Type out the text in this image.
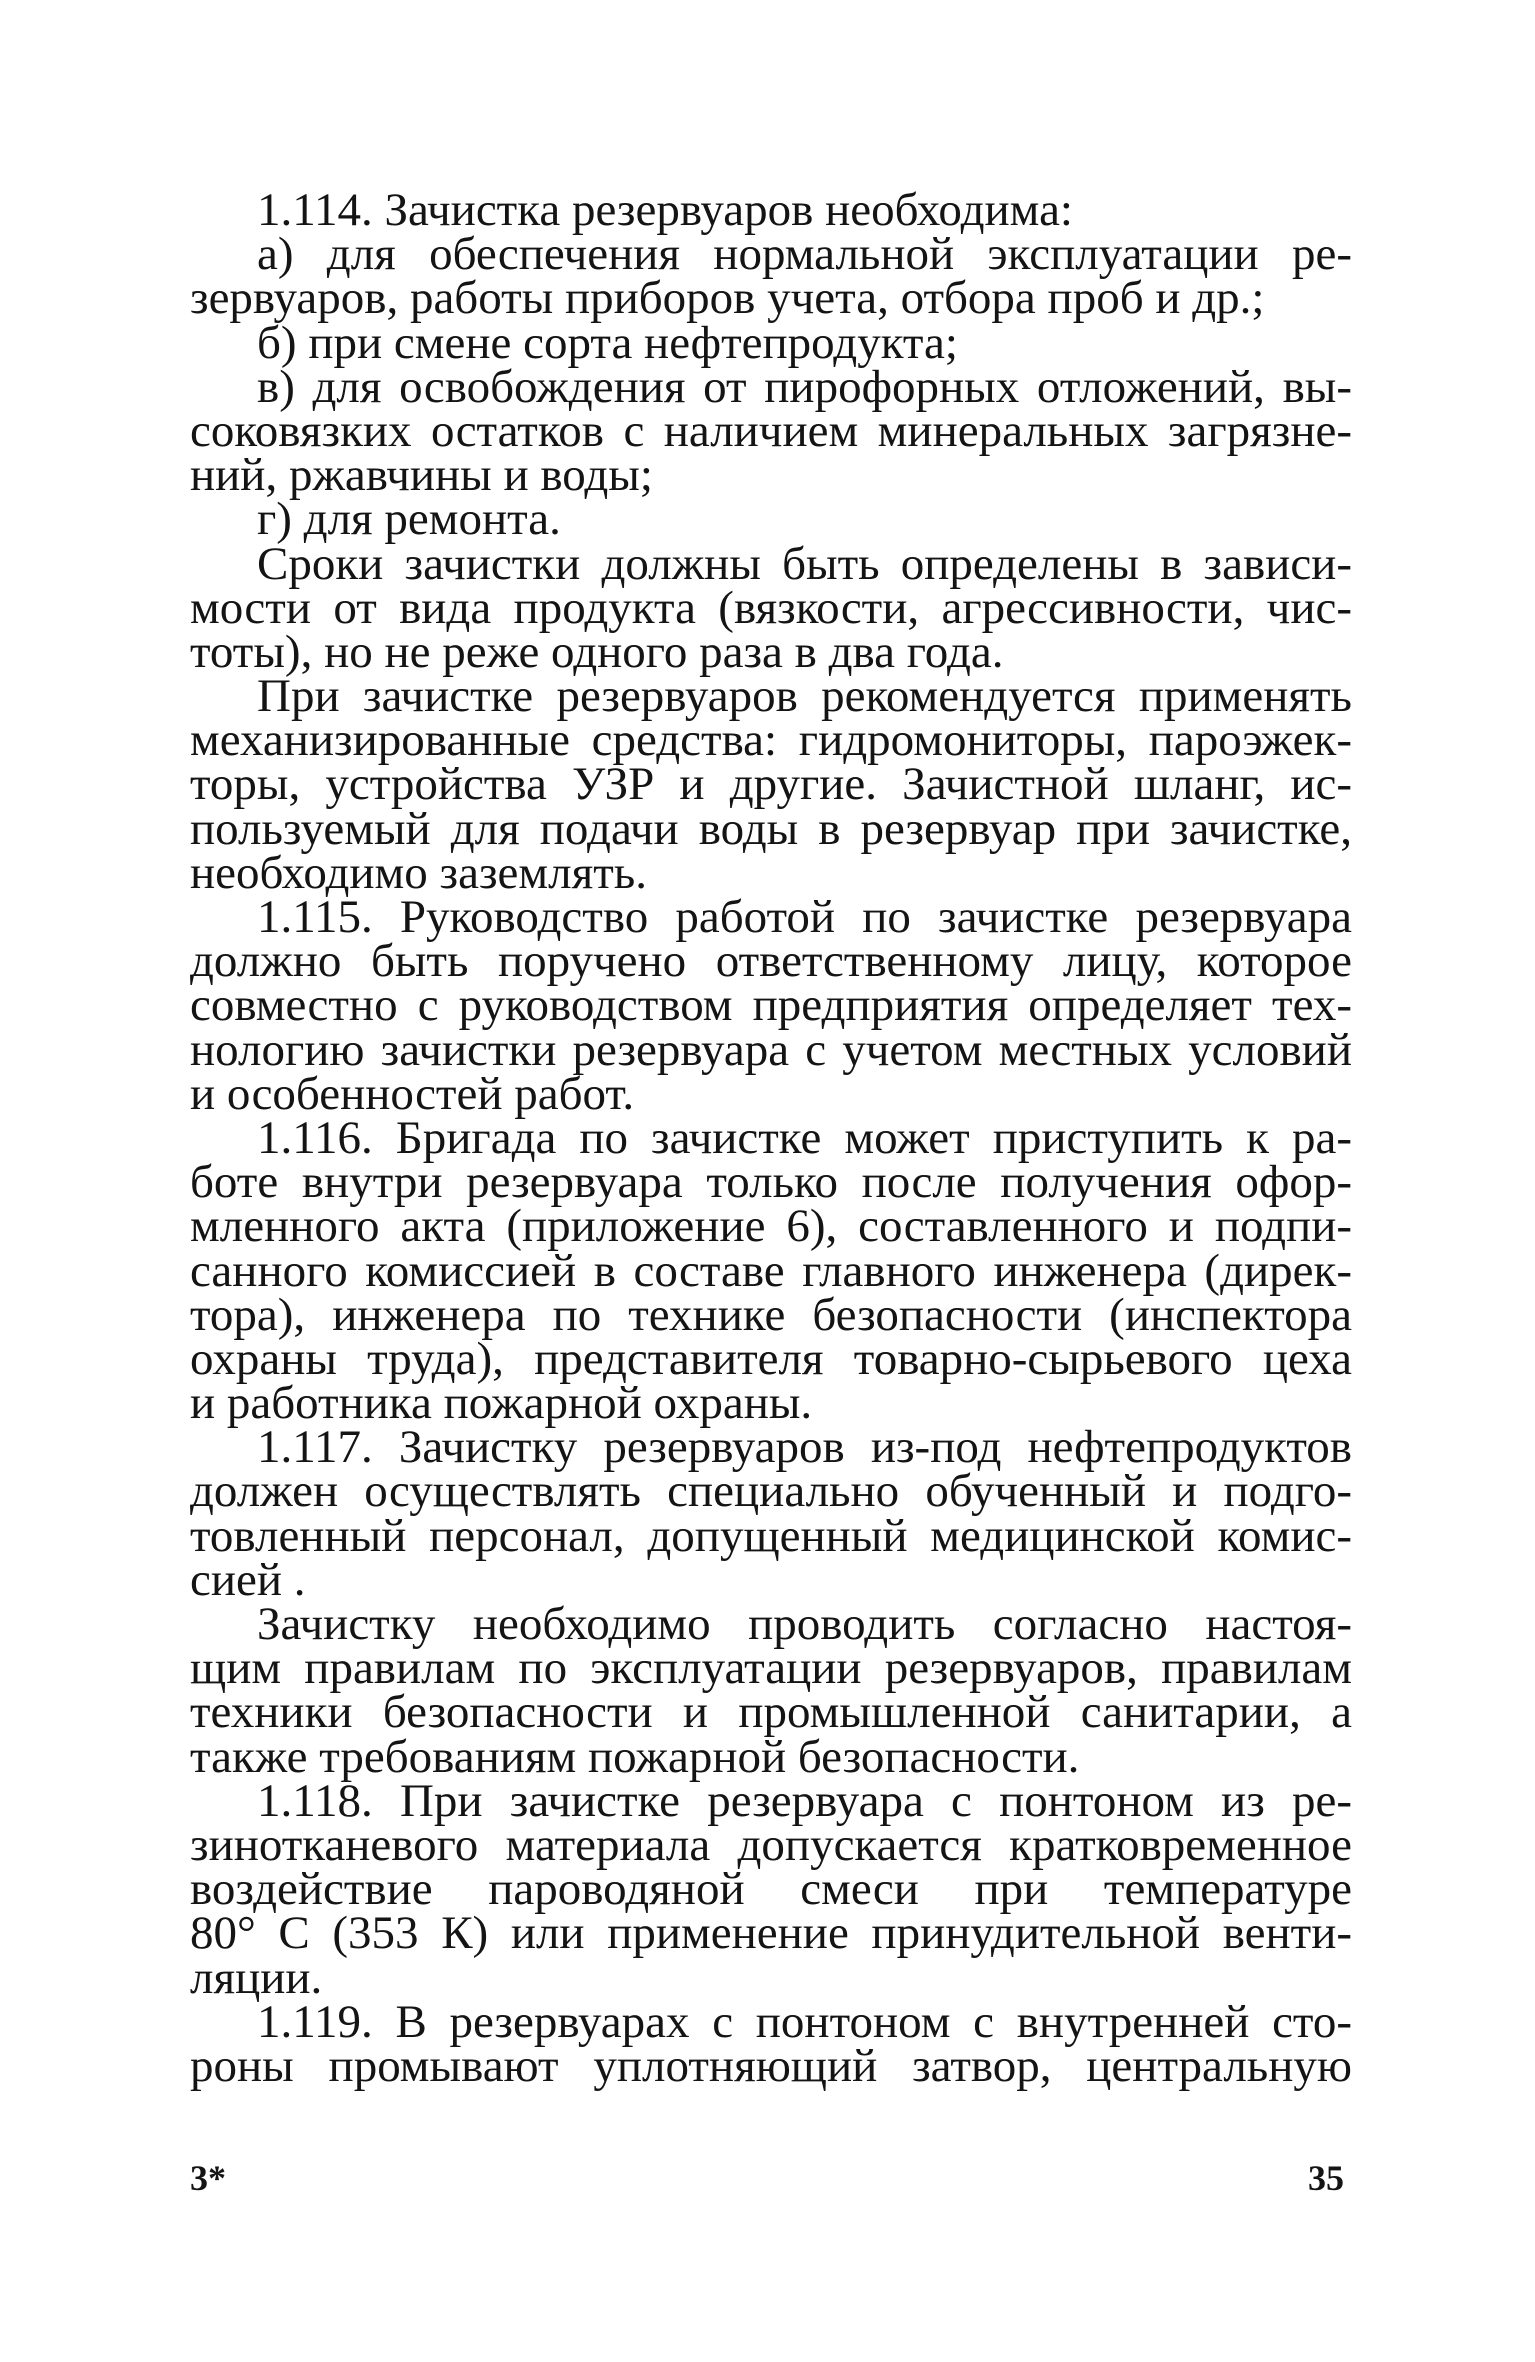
1.114. Зачистка резервуаров необходима:
а) для обеспечения нормальной эксплуатации ре-
зервуаров, работы приборов учета, отбора проб и др.;
б) при смене сорта нефтепродукта;
в) для освобождения от пирофорных отложений, вы-
соковязких остатков с наличием минеральных загрязне-
ний, ржавчины и воды;
г) для ремонта.
Сроки зачистки должны быть определены в зависи-
мости от вида продукта (вязкости, агрессивности, чис-
тоты), но не реже одного раза в два года.
При зачистке резервуаров рекомендуется применять
механизированные средства: гидромониторы, пароэжек-
торы, устройства УЗР и другие. Зачистной шланг, ис-
пользуемый для подачи воды в резервуар при зачистке,
необходимо заземлять.
1.115. Руководство работой по зачистке резервуара
должно быть поручено ответственному лицу, которое
совместно с руководством предприятия определяет тех-
нологию зачистки резервуара с учетом местных условий
и особенностей работ.
1.116. Бригада по зачистке может приступить к ра-
боте внутри резервуара только после получения офор-
мленного акта (приложение 6), составленного и подпи-
санного комиссией в составе главного инженера (дирек-
тора), инженера по технике безопасности (инспектора
охраны труда), представителя товарно-сырьевого цеха
и работника пожарной охраны.
1.117. Зачистку резервуаров из-под нефтепродуктов
должен осуществлять специально обученный и подго-
товленный персонал, допущенный медицинской комис-
сией .
Зачистку необходимо проводить согласно настоя-
щим правилам по эксплуатации резервуаров, правилам
техники безопасности и промышленной санитарии, а
также требованиям пожарной безопасности.
1.118. При зачистке резервуара с понтоном из ре-
зинотканевого материала допускается кратковременное
воздействие пароводяной смеси при температуре
80° С (353 К) или применение принудительной венти-
ляции.
1.119. В резервуарах с понтоном с внутренней сто-
роны промывают уплотняющий затвор, центральную
3*	35
